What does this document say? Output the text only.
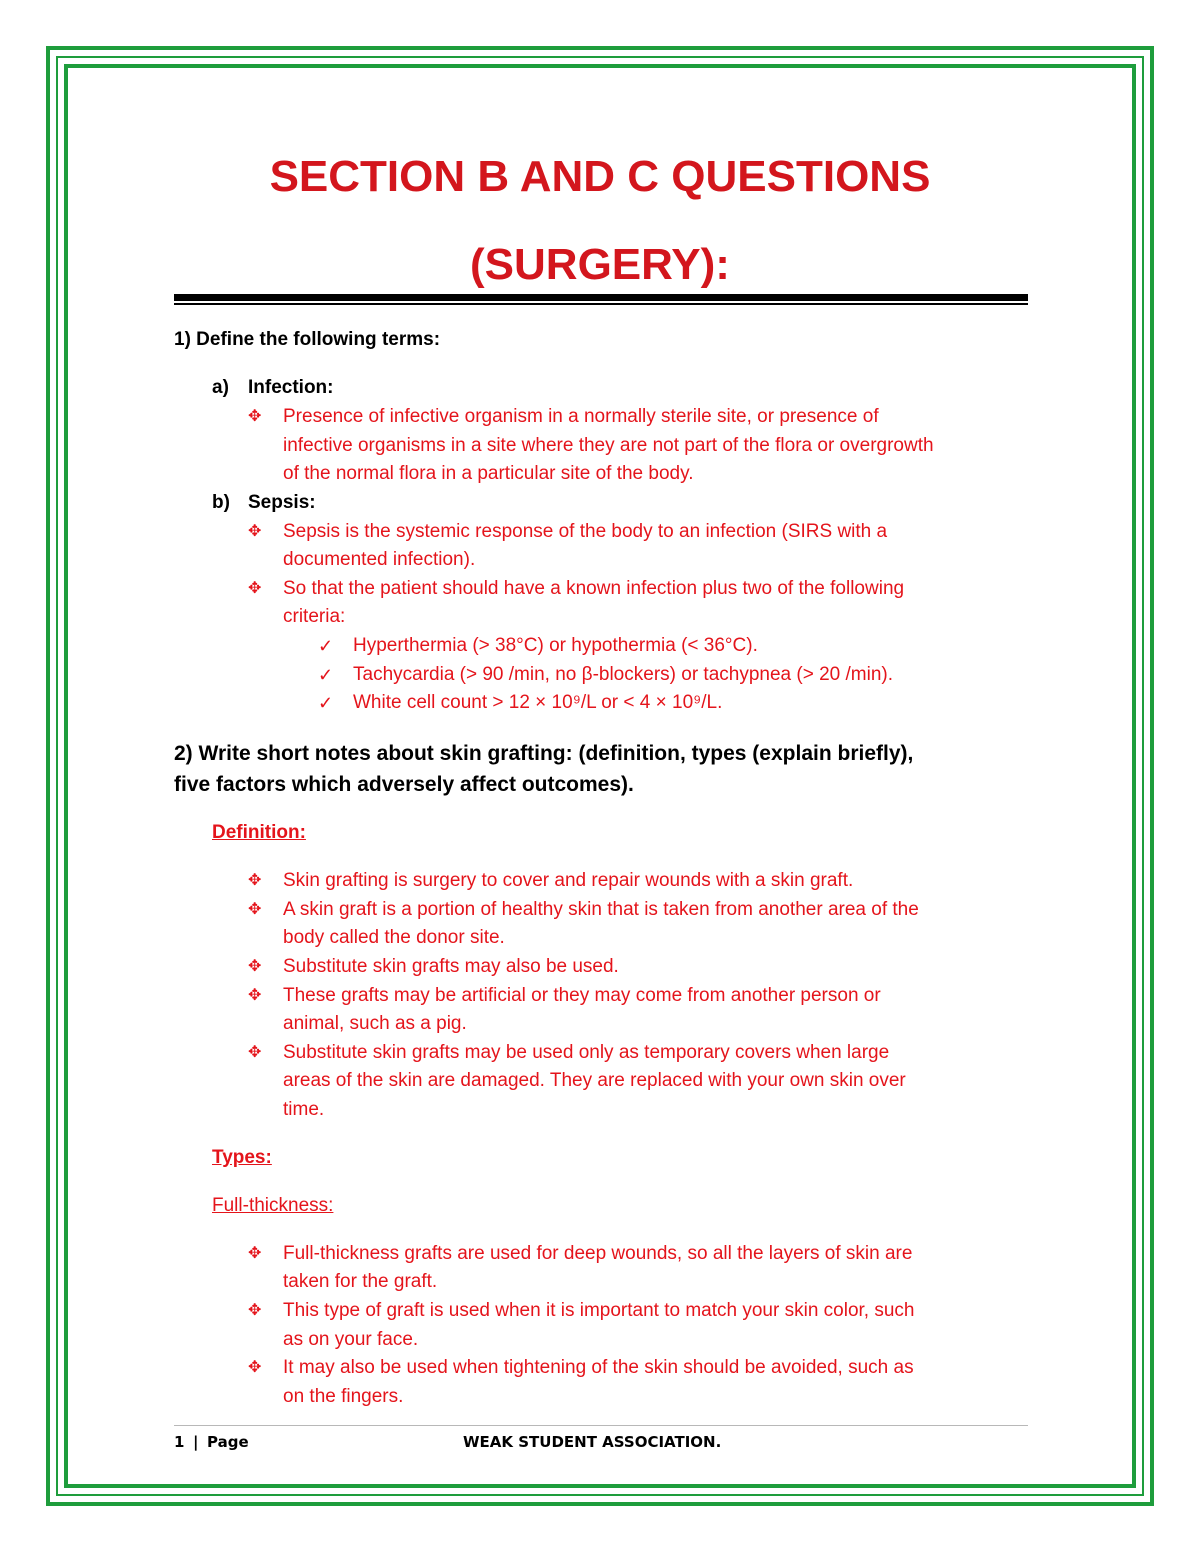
SECTION B AND C QUESTIONS
(SURGERY):

1) Define the following terms:

a) Infection:

✥ Presence of infective organism in a normally sterile site, or presence of

infective organisms in a site where they are not part of the flora or overgrowth

of the normal flora in a particular site of the body.

b) Sepsis:

✥ Sepsis is the systemic response of the body to an infection (SIRS with a

documented infection).

✥ So that the patient should have a known infection plus two of the following

criteria:

✓ Hyperthermia (> 38°C) or hypothermia (< 36°C).

✓ Tachycardia (> 90 /min, no β-blockers) or tachypnea (> 20 /min).

✓ White cell count > 12 × 10⁹/L or < 4 × 10⁹/L.

2) Write short notes about skin grafting: (definition, types (explain briefly),

five factors which adversely affect outcomes).

Definition:

✥ Skin grafting is surgery to cover and repair wounds with a skin graft.

✥ A skin graft is a portion of healthy skin that is taken from another area of the

body called the donor site.

✥ Substitute skin grafts may also be used.

✥ These grafts may be artificial or they may come from another person or

animal, such as a pig.

✥ Substitute skin grafts may be used only as temporary covers when large

areas of the skin are damaged. They are replaced with your own skin over

time.

Types:

Full-thickness:

✥ Full-thickness grafts are used for deep wounds, so all the layers of skin are

taken for the graft.

✥ This type of graft is used when it is important to match your skin color, such

as on your face.

✥ It may also be used when tightening of the skin should be avoided, such as

on the fingers.

1 | Page	WEAK STUDENT ASSOCIATION.
